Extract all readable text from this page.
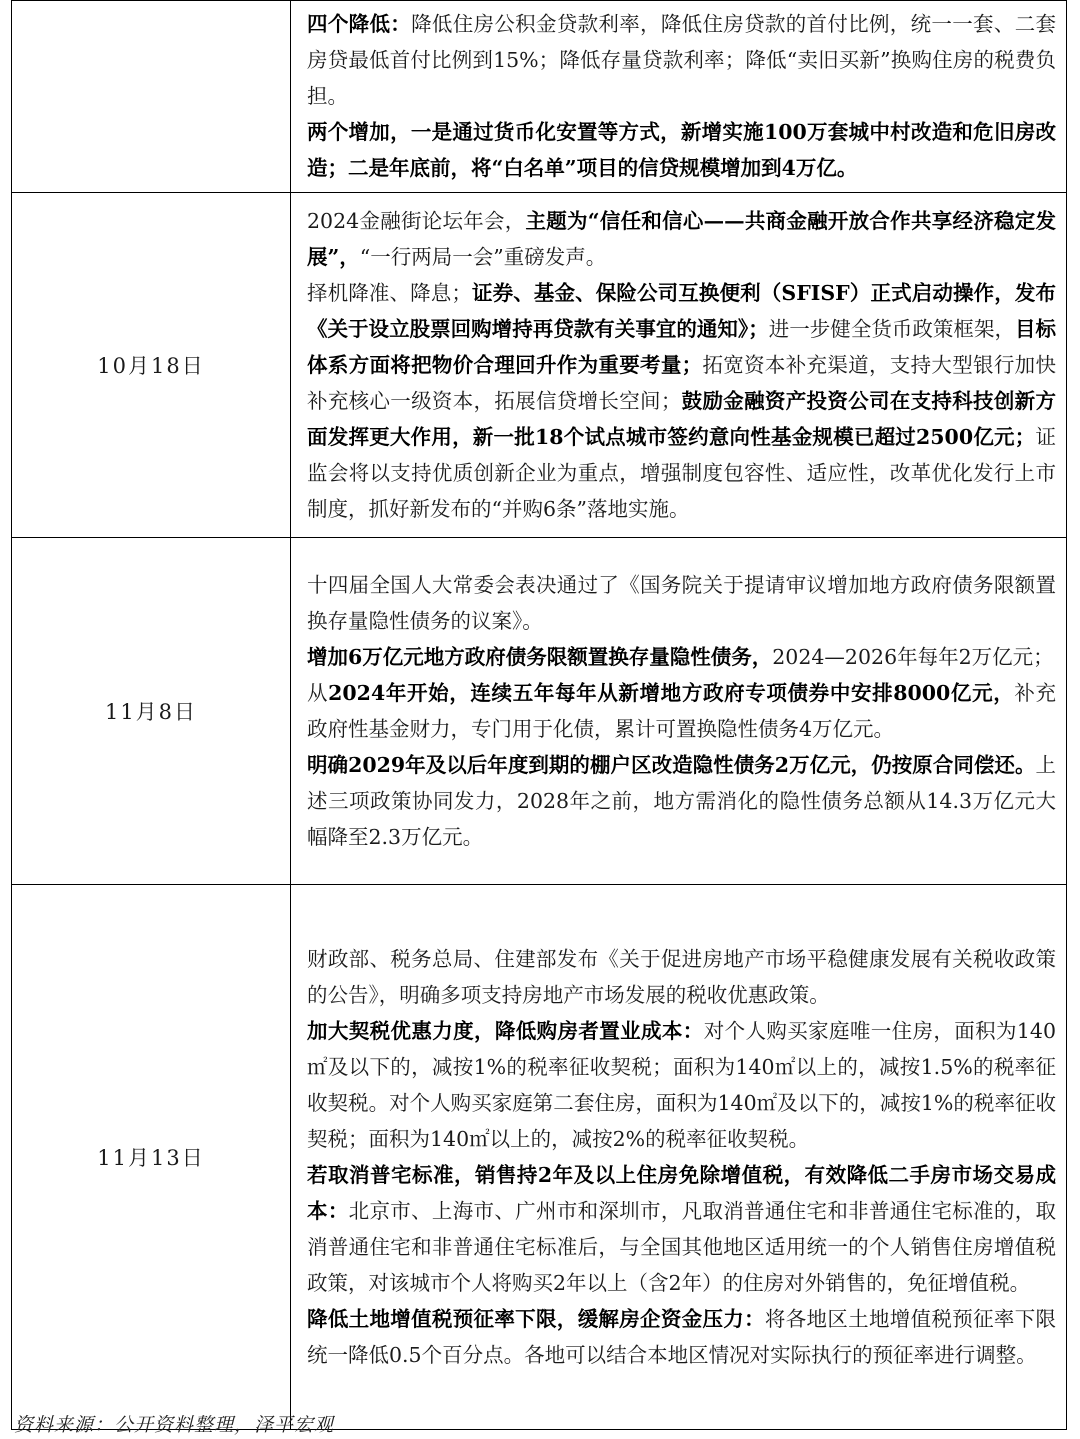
	四个降低：降低住房公积金贷款利率，降低住房贷款的首付比例，统一一套、二套房贷最低首付比例到15%；降低存量贷款利率；降低“卖旧买新”换购住房的税费负担。

两个增加，一是通过货币化安置等方式，新增实施100万套城中村改造和危旧房改造；二是年底前，将“白名单”项目的信贷规模增加到4万亿。

10月18日	2024金融街论坛年会，主题为“信任和信心——共商金融开放合作共享经济稳定发展”，“一行两局一会”重磅发声。

择机降准、降息；证券、基金、保险公司互换便利（SFISF）正式启动操作，发布《关于设立股票回购增持再贷款有关事宜的通知》；进一步健全货币政策框架，目标体系方面将把物价合理回升作为重要考量；拓宽资本补充渠道，支持大型银行加快补充核心一级资本，拓展信贷增长空间；鼓励金融资产投资公司在支持科技创新方面发挥更大作用，新一批18个试点城市签约意向性基金规模已超过2500亿元；证监会将以支持优质创新企业为重点，增强制度包容性、适应性，改革优化发行上市制度，抓好新发布的“并购6条”落地实施。

11月8日	十四届全国人大常委会表决通过了《国务院关于提请审议增加地方政府债务限额置换存量隐性债务的议案》。

增加6万亿元地方政府债务限额置换存量隐性债务，2024—2026年每年2万亿元；

从2024年开始，连续五年每年从新增地方政府专项债券中安排8000亿元，补充政府性基金财力，专门用于化债，累计可置换隐性债务4万亿元。

明确2029年及以后年度到期的棚户区改造隐性债务2万亿元，仍按原合同偿还。上述三项政策协同发力，2028年之前，地方需消化的隐性债务总额从14.3万亿元大幅降至2.3万亿元。

11月13日	财政部、税务总局、住建部发布《关于促进房地产市场平稳健康发展有关税收政策的公告》，明确多项支持房地产市场发展的税收优惠政策。

加大契税优惠力度，降低购房者置业成本：对个人购买家庭唯一住房，面积为140㎡及以下的，减按1%的税率征收契税；面积为140㎡以上的，减按1.5%的税率征收契税。对个人购买家庭第二套住房，面积为140㎡及以下的，减按1%的税率征收契税；面积为140㎡以上的，减按2%的税率征收契税。

若取消普宅标准，销售持2年及以上住房免除增值税，有效降低二手房市场交易成本：北京市、上海市、广州市和深圳市，凡取消普通住宅和非普通住宅标准的，取消普通住宅和非普通住宅标准后，与全国其他地区适用统一的个人销售住房增值税政策，对该城市个人将购买2年以上（含2年）的住房对外销售的，免征增值税。

降低土地增值税预征率下限，缓解房企资金压力：将各地区土地增值税预征率下限统一降低0.5个百分点。各地可以结合本地区情况对实际执行的预征率进行调整。

资料来源：公开资料整理，泽平宏观
